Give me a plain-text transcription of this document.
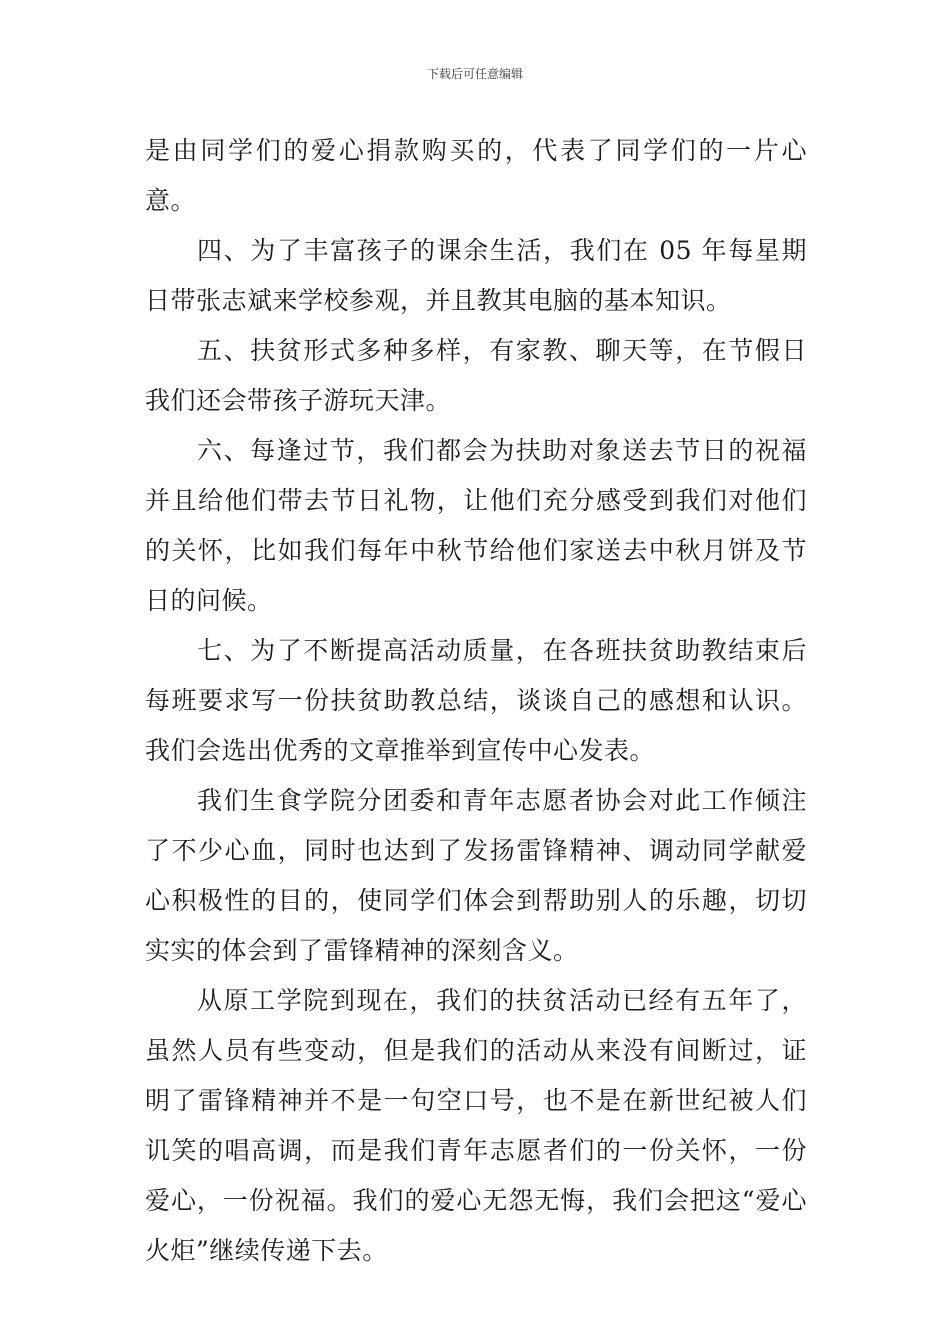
下载后可任意编辑

是由同学们的爱心捐款购买的，代表了同学们的一片心意。

四、为了丰富孩子的课余生活，我们在 05 年每星期日带张志斌来学校参观，并且教其电脑的基本知识。

五、扶贫形式多种多样，有家教、聊天等，在节假日我们还会带孩子游玩天津。

六、每逢过节，我们都会为扶助对象送去节日的祝福并且给他们带去节日礼物，让他们充分感受到我们对他们的关怀，比如我们每年中秋节给他们家送去中秋月饼及节日的问候。

七、为了不断提高活动质量，在各班扶贫助教结束后每班要求写一份扶贫助教总结，谈谈自己的感想和认识。我们会选出优秀的文章推举到宣传中心发表。

我们生食学院分团委和青年志愿者协会对此工作倾注了不少心血，同时也达到了发扬雷锋精神、调动同学献爱心积极性的目的，使同学们体会到帮助别人的乐趣，切切实实的体会到了雷锋精神的深刻含义。

从原工学院到现在，我们的扶贫活动已经有五年了，虽然人员有些变动，但是我们的活动从来没有间断过，证明了雷锋精神并不是一句空口号，也不是在新世纪被人们讥笑的唱高调，而是我们青年志愿者们的一份关怀，一份爱心，一份祝福。我们的爱心无怨无悔，我们会把这“爱心火炬”继续传递下去。
